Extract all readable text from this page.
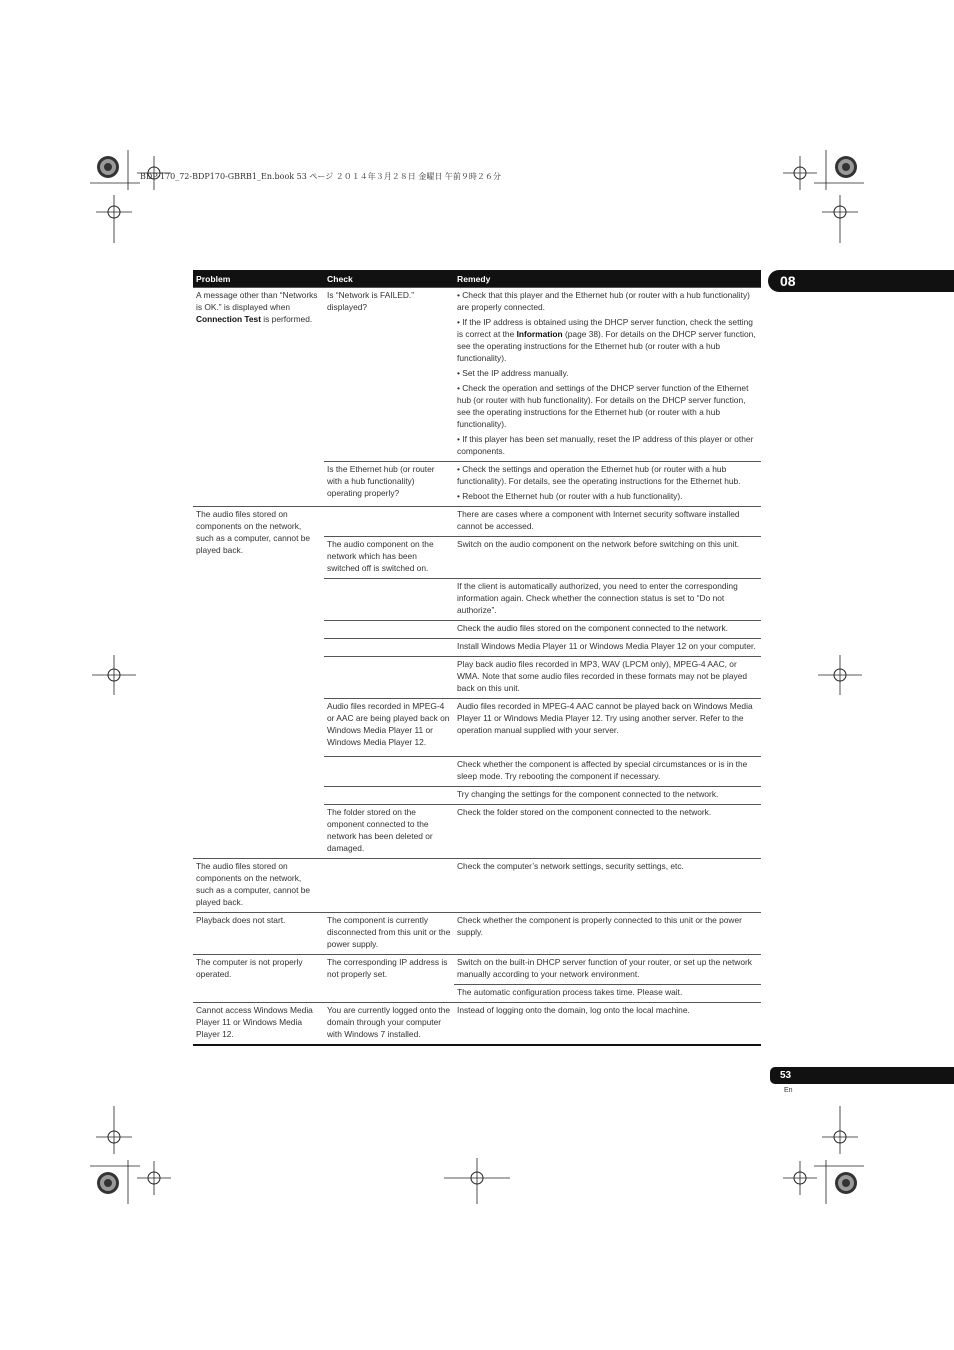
BDP-170_72-BDP170-GBRB1_En.book 53 ページ ２０１４年３月２８日 金曜日 午前９時２６分
08
Problem	Check	Remedy
A message other than “Networks is OK.” is displayed when Connection Test is performed.	Is “Network is FAILED.” displayed?	• Check that this player and the Ethernet hub (or router with a hub functionality) are properly connected.

• If the IP address is obtained using the DHCP server function, check the setting is correct at the Information (page 38). For details on the DHCP server function, see the operating instructions for the Ethernet hub (or router with a hub functionality).

• Set the IP address manually.

• Check the operation and settings of the DHCP server function of the Ethernet hub (or router with hub functionality). For details on the DHCP server function, see the operating instructions for the Ethernet hub (or router with a hub functionality).

• If this player has been set manually, reset the IP address of this player or other components.

	Is the Ethernet hub (or router with a hub functionality) operating properly?	• Check the settings and operation the Ethernet hub (or router with a hub functionality). For details, see the operating instructions for the Ethernet hub.

• Reboot the Ethernet hub (or router with a hub functionality).

The audio files stored on components on the network, such as a computer, cannot be played back.		There are cases where a component with Internet security software installed cannot be accessed.
	The audio component on the network which has been switched off is switched on.	Switch on the audio component on the network before switching on this unit.
		If the client is automatically authorized, you need to enter the corresponding information again. Check whether the connection status is set to “Do not authorize”.
		Check the audio files stored on the component connected to the network.
		Install Windows Media Player 11 or Windows Media Player 12 on your computer.
		Play back audio files recorded in MP3, WAV (LPCM only), MPEG-4 AAC, or WMA. Note that some audio files recorded in these formats may not be played back on this unit.
	Audio files recorded in MPEG-4 or AAC are being played back on Windows Media Player 11 or Windows Media Player 12.	Audio files recorded in MPEG-4 AAC cannot be played back on Windows Media Player 11 or Windows Media Player 12. Try using another server. Refer to the operation manual supplied with your server.
		Check whether the component is affected by special circumstances or is in the sleep mode. Try rebooting the component if necessary.
		Try changing the settings for the component connected to the network.
	The folder stored on the omponent connected to the network has been deleted or damaged.	Check the folder stored on the component connected to the network.
The audio files stored on components on the network, such as a computer, cannot be played back.		Check the computer’s network settings, security settings, etc.
Playback does not start.	The component is currently disconnected from this unit or the power supply.	Check whether the component is properly connected to this unit or the power supply.
The computer is not properly operated.	The corresponding IP address is not properly set.	Switch on the built-in DHCP server function of your router, or set up the network manually according to your network environment.
		The automatic configuration process takes time. Please wait.
Cannot access Windows Media Player 11 or Windows Media Player 12.	You are currently logged onto the domain through your computer with Windows 7 installed.	Instead of logging onto the domain, log onto the local machine.
53
En
